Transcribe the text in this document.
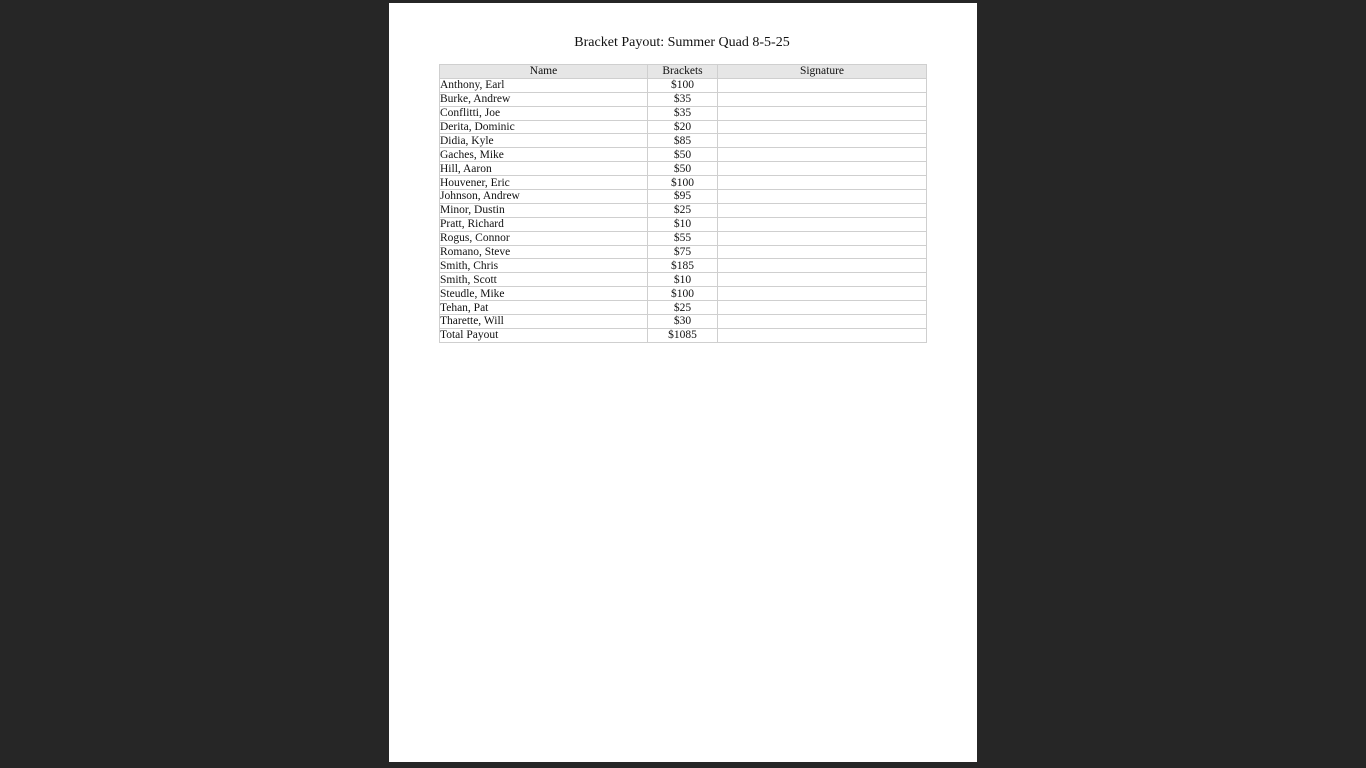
Bracket Payout: Summer Quad 8-5-25
Name	Brackets	Signature
Anthony, Earl	$100	
Burke, Andrew	$35	
Conflitti, Joe	$35	
Derita, Dominic	$20	
Didia, Kyle	$85	
Gaches, Mike	$50	
Hill, Aaron	$50	
Houvener, Eric	$100	
Johnson, Andrew	$95	
Minor, Dustin	$25	
Pratt, Richard	$10	
Rogus, Connor	$55	
Romano, Steve	$75	
Smith, Chris	$185	
Smith, Scott	$10	
Steudle, Mike	$100	
Tehan, Pat	$25	
Tharette, Will	$30	
Total Payout	$1085	
